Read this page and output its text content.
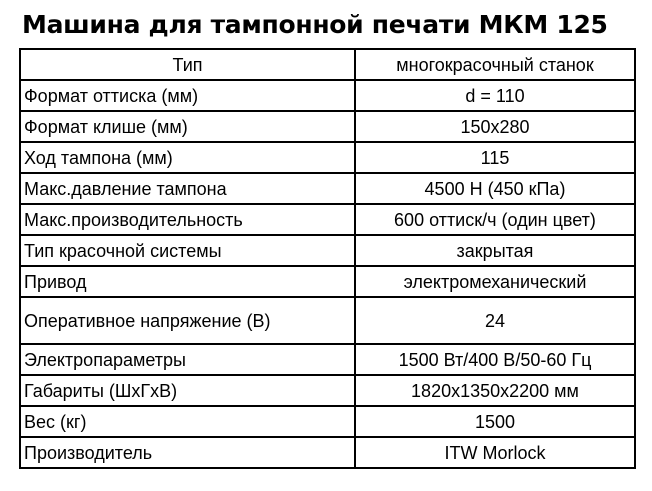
Машина для тампонной печати МКМ 125
Тип	многокрасочный станок
Формат оттиска (мм)	d = 110
Формат клише (мм)	150x280
Ход тампона (мм)	115
Макс.давление тампона	4500 Н (450 кПа)
Макс.производительность	600 оттиск/ч (один цвет)
Тип красочной системы	закрытая
Привод	электромеханический
Оперативное напряжение (В)	24
Электропараметры	1500 Вт/400 В/50-60 Гц
Габариты (ШxГxВ)	1820x1350x2200 мм
Вес (кг)	1500
Производитель	ITW Morlock
